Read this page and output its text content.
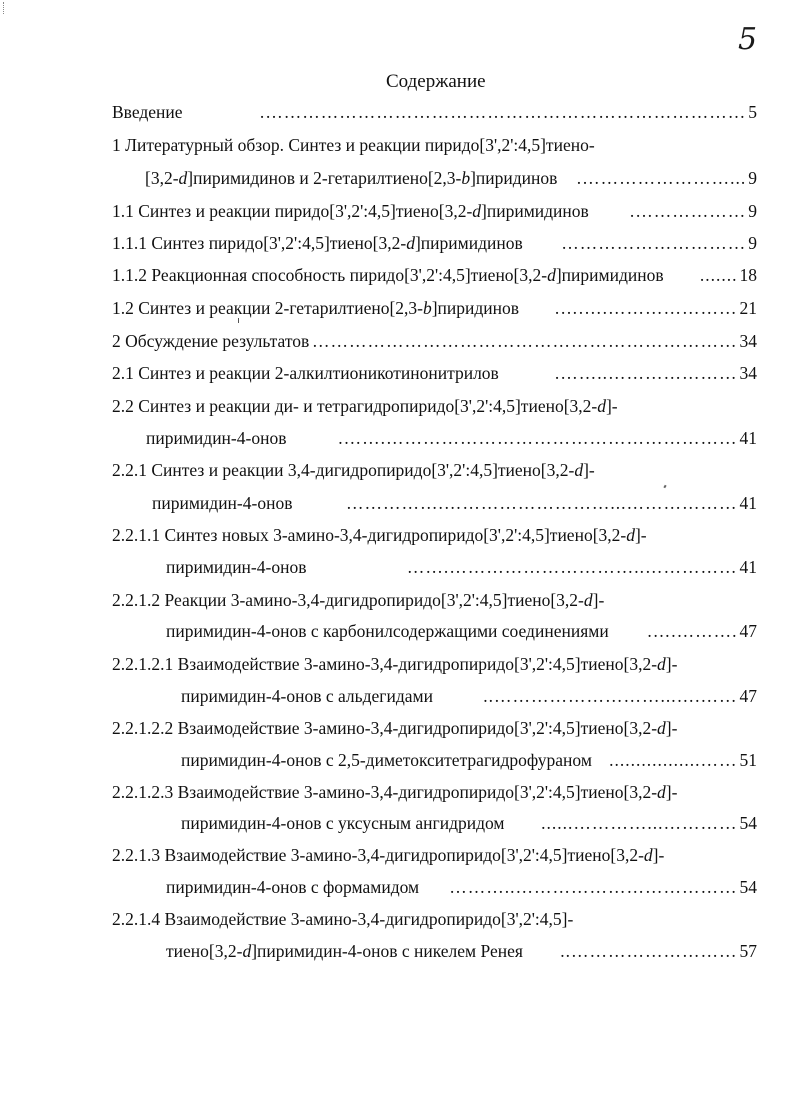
5
Содержание
Введение	……………………………………………………………………. 5
1 Литературный обзор. Синтез и реакции пиридо[3',2':4,5]тиено-
[3,2-d]пиримидинов и 2-гетарилтиено[2,3-b]пиридинов	...……………………. 9
1.1 Синтез и реакции пиридо[3',2':4,5]тиено[3,2-d]пиримидинов	………………. 9
1.1.1 Синтез пиридо[3',2':4,5]тиено[3,2-d]пиримидинов	………………………… 9
1.1.2 Реакционная способность пиридо[3',2':4,5]тиено[3,2-d]пиримидинов	....... 18
1.2 Синтез и реакции 2-гетарилтиено[2,3-b]пиридинов	………………….….…. 21
2 Обсуждение результатов …………………………………………………………… 34
2.1 Синтез и реакции 2-алкилтионикотинонитрилов	…………………..……. 34
2.2 Синтез и реакции ди- и тетрагидропиридо[3',2':4,5]тиено[3,2-d]-
пиримидин-4-онов	………………………………………………….……. 41
2.2.1 Синтез и реакции 3,4-дигидропиридо[3',2':4,5]тиено[3,2-d]-
пиримидин-4-онов	………………...……………………….…………… 41
2.2.1.1 Синтез новых 3-амино-3,4-дигидропиридо[3',2':4,5]тиено[3,2-d]-
пиримидин-4-онов	……………..………………………….…… 41
2.2.1.2 Реакции 3-амино-3,4-дигидропиридо[3',2':4,5]тиено[3,2-d]-
пиримидин-4-онов с карбонилсодержащими соединениями	.……….…. 47
2.2.1.2.1 Взаимодействие 3-амино-3,4-дигидропиридо[3',2':4,5]тиено[3,2-d]-
пиримидин-4-онов с альдегидами	…….…...……………………….. 47
2.2.1.2.2 Взаимодействие 3-амино-3,4-дигидропиридо[3',2':4,5]тиено[3,2-d]-
пиримидин-4-онов с 2,5-диметокситетрагидрофураном ……................. 51
2.2.1.2.3 Взаимодействие 3-амино-3,4-дигидропиридо[3',2':4,5]тиено[3,2-d]-
пиримидин-4-онов с уксусным ангидридом	…………...…………...... 54
2.2.1.3 Взаимодействие 3-амино-3,4-дигидропиридо[3',2':4,5]тиено[3,2-d]-
пиримидин-4-онов с формамидом	………………………………..……… 54
2.2.1.4 Взаимодействие 3-амино-3,4-дигидропиридо[3',2':4,5]-
тиено[3,2-d]пиримидин-4-онов с никелем Ренея	……………………….. 57
